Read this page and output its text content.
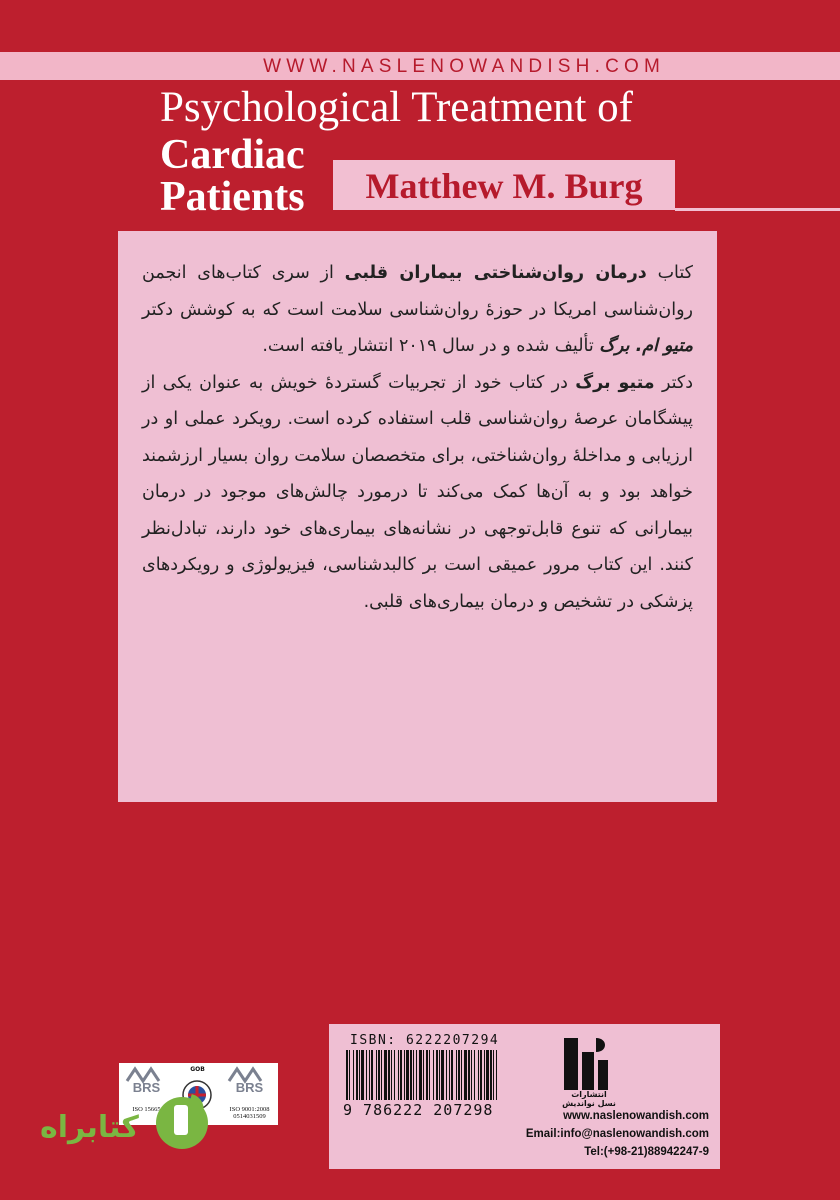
WWW.NASLENOWANDISH.COM
Psychological Treatment of
Cardiac
Patients	Matthew M. Burg

کتاب درمان روان‌شناختی بیماران قلبی از سری کتاب‌های انجمن روان‌شناسی امریکا در حوزۀ روان‌شناسی سلامت است که به کوشش دکتر متیو ام. برگ تألیف شده و در سال ۲۰۱۹ انتشار یافته است.

دکتر متیو برگ در کتاب خود از تجربیات گستردۀ خویش به عنوان یکی از پیشگامان عرصۀ روان‌شناسی قلب استفاده کرده است. رویکرد عملی او در ارزیابی و مداخلۀ روان‌شناختی، برای متخصصان سلامت روان بسیار ارزشمند خواهد بود و به آن‌ها کمک می‌کند تا درمورد چالش‌های موجود در درمان بیمارانی که تنوع قابل‌توجهی در نشانه‌های بیماری‌های خود دارند، تبادل‌نظر کنند. این کتاب مرور عمیقی است بر کالبدشناسی، فیزیولوژی و رویکردهای پزشکی در تشخیص و درمان بیماری‌های قلبی.

BRS
ISO 15665
GOB
BRS
ISO 9001:2008
0514031509
کتابراه
ISBN: 6222207294
9 786222 207298
انتشارات
نسل نواندیش
www.naslenowandish.com
Email:info@naslenowandish.com
Tel:(+98-21)88942247-9
